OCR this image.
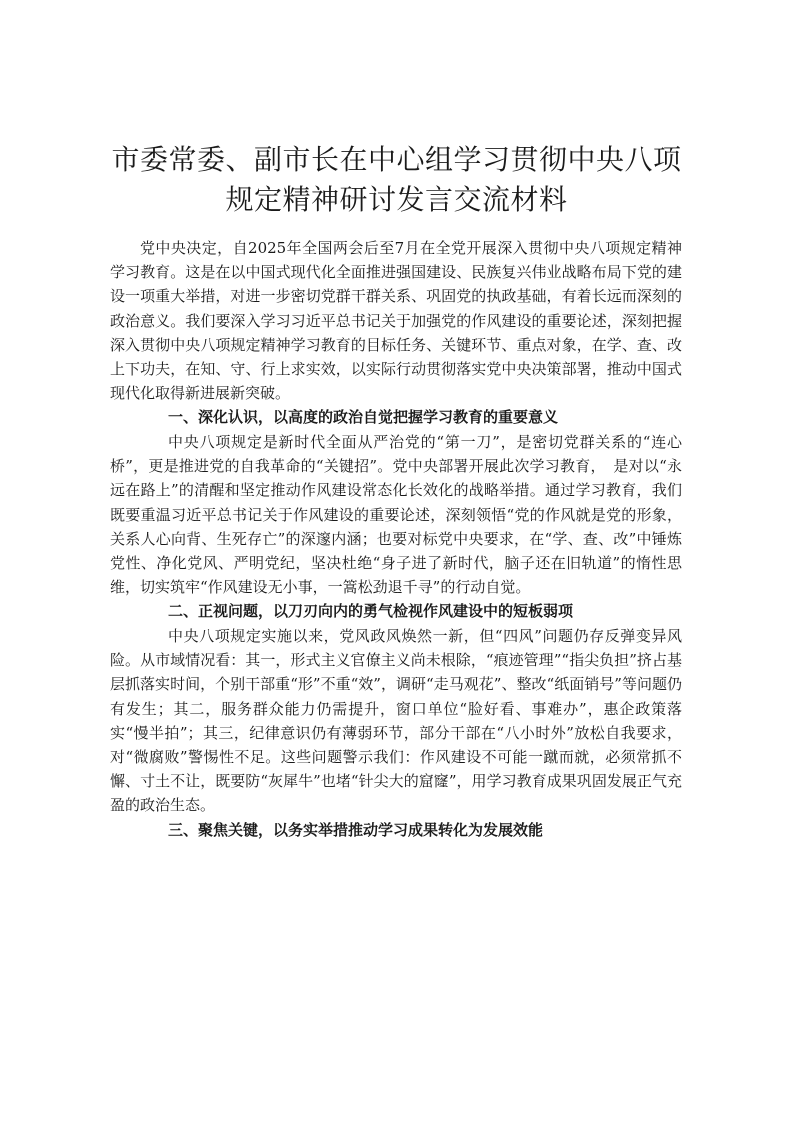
市委常委、副市长在中心组学习贯彻中央八项
规定精神研讨发言交流材料

党中央决定，自2025年全国两会后至7月在全党开展深入贯彻中央八项规定精神学习教育。这是在以中国式现代化全面推进强国建设、民族复兴伟业战略布局下党的建设一项重大举措，对进一步密切党群干群关系、巩固党的执政基础，有着长远而深刻的政治意义。我们要深入学习习近平总书记关于加强党的作风建设的重要论述，深刻把握深入贯彻中央八项规定精神学习教育的目标任务、关键环节、重点对象，在学、查、改上下功夫，在知、守、行上求实效，以实际行动贯彻落实党中央决策部署，推动中国式现代化取得新进展新突破。

一、深化认识，以高度的政治自觉把握学习教育的重要意义

中央八项规定是新时代全面从严治党的“第一刀”，是密切党群关系的“连心桥”，更是推进党的自我革命的“关键招”。党中央部署开展此次学习教育，　是对以“永远在路上”的清醒和坚定推动作风建设常态化长效化的战略举措。通过学习教育，我们既要重温习近平总书记关于作风建设的重要论述，深刻领悟“党的作风就是党的形象，关系人心向背、生死存亡”的深邃内涵；也要对标党中央要求，在“学、查、改”中锤炼党性、净化党风、严明党纪，坚决杜绝“身子进了新时代，脑子还在旧轨道”的惰性思维，切实筑牢“作风建设无小事，一篙松劲退千寻”的行动自觉。

二、正视问题，以刀刃向内的勇气检视作风建设中的短板弱项

中央八项规定实施以来，党风政风焕然一新，但“四风”问题仍存反弹变异风险。从市域情况看：其一，形式主义官僚主义尚未根除，“痕迹管理”“指尖负担”挤占基层抓落实时间，个别干部重“形”不重“效”，调研“走马观花”、整改“纸面销号”等问题仍有发生；其二，服务群众能力仍需提升，窗口单位“脸好看、事难办”，惠企政策落实“慢半拍”；其三，纪律意识仍有薄弱环节，部分干部在“八小时外”放松自我要求，对“微腐败”警惕性不足。这些问题警示我们：作风建设不可能一蹴而就，必须常抓不懈、寸土不让，既要防“灰犀牛”也堵“针尖大的窟窿”，用学习教育成果巩固发展正气充盈的政治生态。

三、聚焦关键，以务实举措推动学习成果转化为发展效能
